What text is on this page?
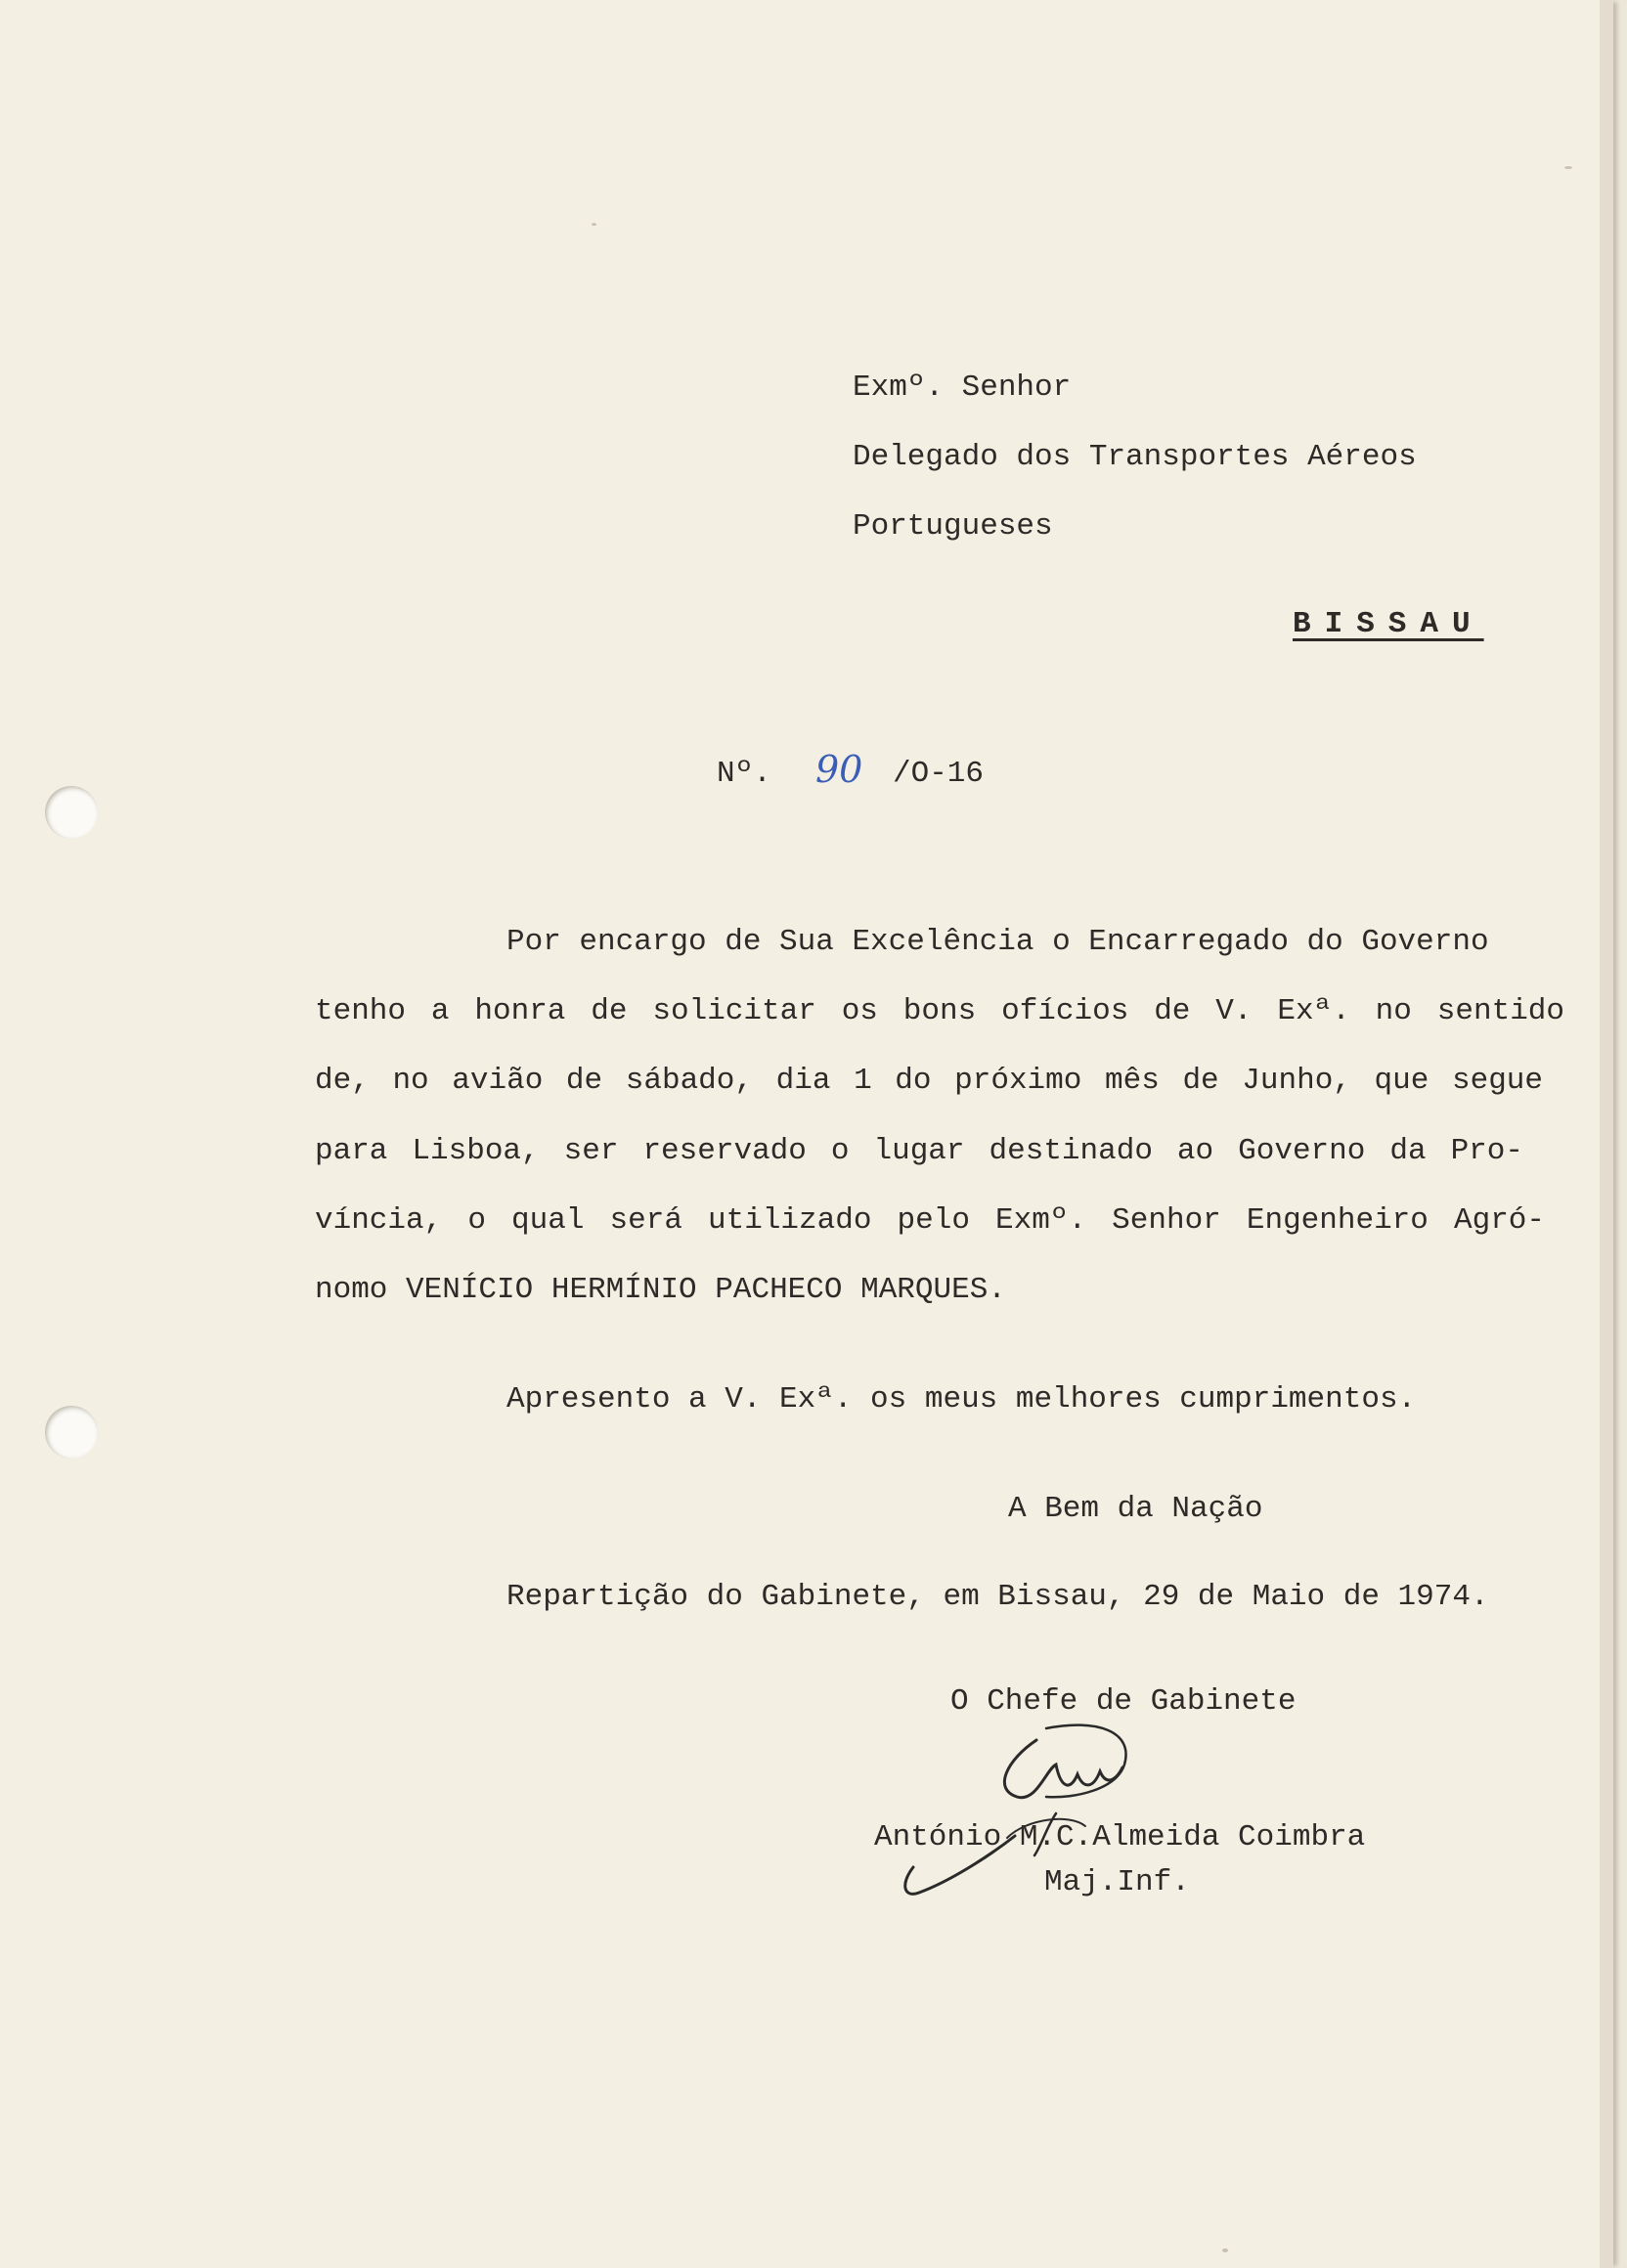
Exmº. Senhor
Delegado dos Transportes Aéreos
Portugueses
BISSAU
Nº. 90 /O-16
Por encargo de Sua Excelência o Encarregado do Governo
tenho a honra de solicitar os bons ofícios de V. Exª. no sentido
de, no avião de sábado, dia 1 do próximo mês de Junho, que segue
para Lisboa, ser reservado o lugar destinado ao Governo da Pro-
víncia, o qual será utilizado pelo Exmº. Senhor Engenheiro Agró-
nomo VENÍCIO HERMÍNIO PACHECO MARQUES.
Apresento a V. Exª. os meus melhores cumprimentos.
A Bem da Nação
Repartição do Gabinete, em Bissau, 29 de Maio de 1974.
O Chefe de Gabinete
António M.C.Almeida Coimbra
Maj.Inf.
